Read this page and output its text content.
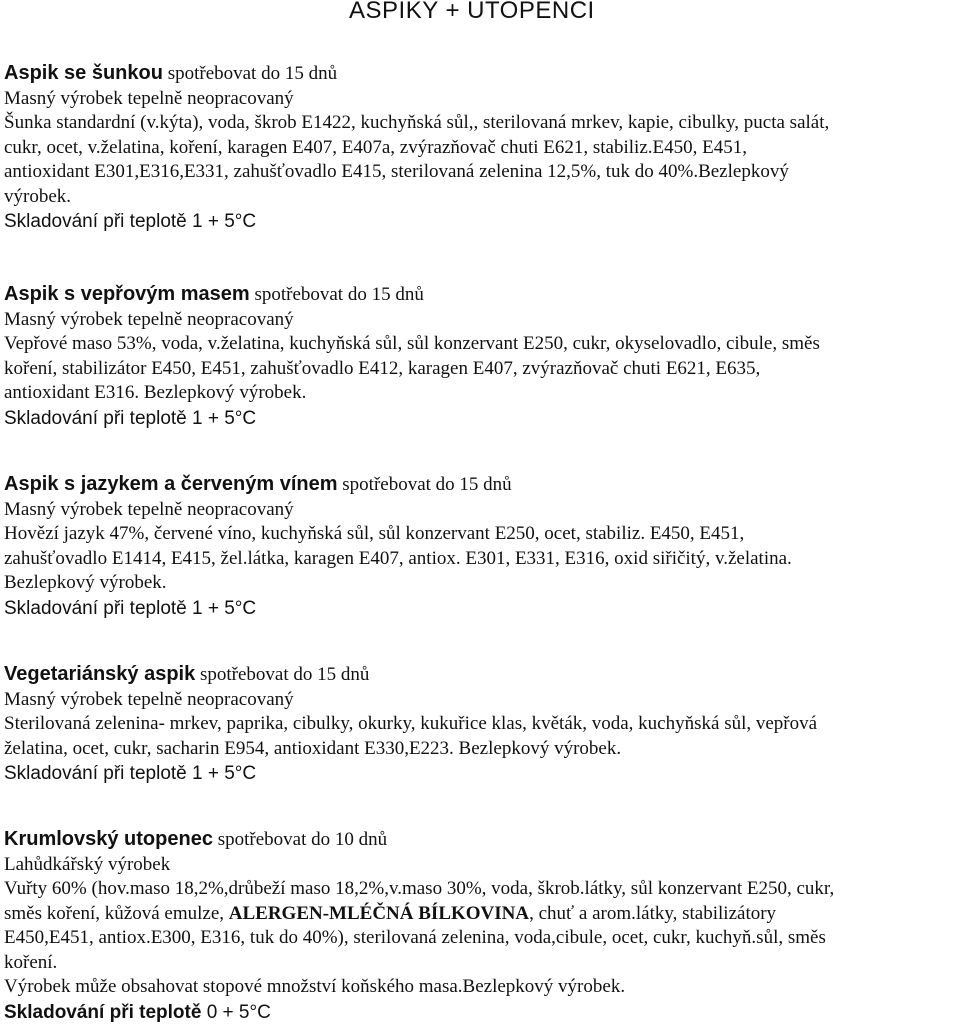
ASPIKY + UTOPENCI
Aspik se šunkou spotřebovat do 15 dnů
Masný výrobek tepelně neopracovaný
Šunka standardní (v.kýta), voda, škrob E1422, kuchyňská sůl,, sterilovaná mrkev, kapie, cibulky, pucta salát,
cukr, ocet, v.želatina, koření, karagen E407, E407a, zvýrazňovač chuti E621, stabiliz.E450, E451,
antioxidant E301,E316,E331, zahušťovadlo E415, sterilovaná zelenina 12,5%, tuk do 40%.Bezlepkový
výrobek.
Skladování při teplotě 1 + 5°C
Aspik s vepřovým masem spotřebovat do 15 dnů
Masný výrobek tepelně neopracovaný
Vepřové maso 53%, voda, v.želatina, kuchyňská sůl, sůl konzervant E250, cukr, okyselovadlo, cibule, směs
koření, stabilizátor E450, E451, zahušťovadlo E412, karagen E407, zvýrazňovač chuti E621, E635,
antioxidant E316. Bezlepkový výrobek.
Skladování při teplotě 1 + 5°C
Aspik s jazykem a červeným vínem spotřebovat do 15 dnů
Masný výrobek tepelně neopracovaný
Hovězí jazyk 47%, červené víno, kuchyňská sůl, sůl konzervant E250, ocet, stabiliz. E450, E451,
zahušťovadlo E1414, E415, žel.látka, karagen E407, antiox. E301, E331, E316, oxid siřičitý, v.želatina.
Bezlepkový výrobek.
Skladování při teplotě 1 + 5°C
Vegetariánský aspik spotřebovat do 15 dnů
Masný výrobek tepelně neopracovaný
Sterilovaná zelenina- mrkev, paprika, cibulky, okurky, kukuřice klas, květák, voda, kuchyňská sůl, vepřová
želatina, ocet, cukr, sacharin E954, antioxidant E330,E223. Bezlepkový výrobek.
Skladování při teplotě 1 + 5°C
Krumlovský utopenec spotřebovat do 10 dnů
Lahůdkářský výrobek
Vuřty 60% (hov.maso 18,2%,drůbeží maso 18,2%,v.maso 30%, voda, škrob.látky, sůl konzervant E250, cukr,
směs koření, kůžová emulze, ALERGEN-MLÉČNÁ BÍLKOVINA, chuť a arom.látky, stabilizátory
E450,E451, antiox.E300, E316, tuk do 40%), sterilovaná zelenina, voda,cibule, ocet, cukr, kuchyň.sůl, směs
koření.
Výrobek může obsahovat stopové množství koňského masa.Bezlepkový výrobek.
Skladování při teplotě 0 + 5°C
